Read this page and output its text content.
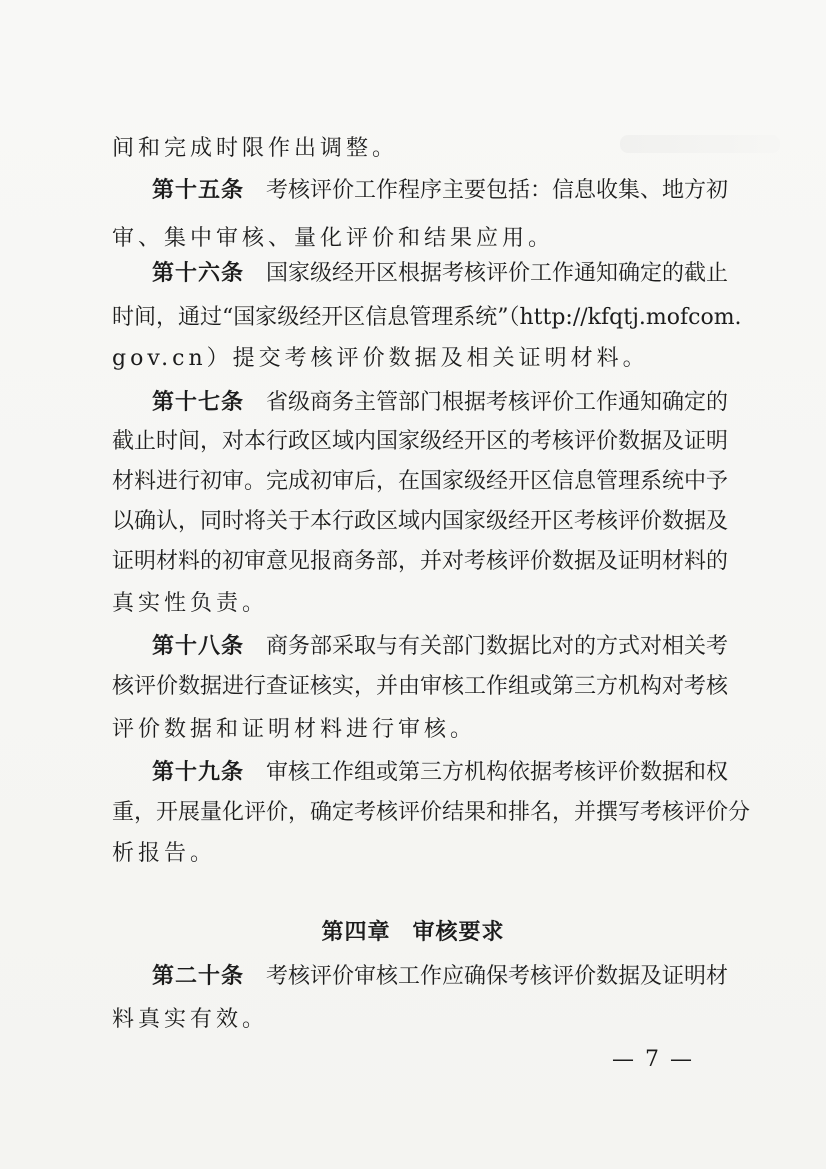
间和完成时限作出调整。
第十五条 考核评价工作程序主要包括：信息收集、地方初
审、集中审核、量化评价和结果应用。
第十六条 国家级经开区根据考核评价工作通知确定的截止
时间，通过“国家级经开区信息管理系统”（http://kfqtj.mofcom.
gov.cn）提交考核评价数据及相关证明材料。
第十七条 省级商务主管部门根据考核评价工作通知确定的
截止时间，对本行政区域内国家级经开区的考核评价数据及证明
材料进行初审。完成初审后，在国家级经开区信息管理系统中予
以确认，同时将关于本行政区域内国家级经开区考核评价数据及
证明材料的初审意见报商务部，并对考核评价数据及证明材料的
真实性负责。
第十八条 商务部采取与有关部门数据比对的方式对相关考
核评价数据进行查证核实，并由审核工作组或第三方机构对考核
评价数据和证明材料进行审核。
第十九条 审核工作组或第三方机构依据考核评价数据和权
重，开展量化评价，确定考核评价结果和排名，并撰写考核评价分
析报告。
第四章 审核要求
第二十条 考核评价审核工作应确保考核评价数据及证明材
料真实有效。
— 7 —
